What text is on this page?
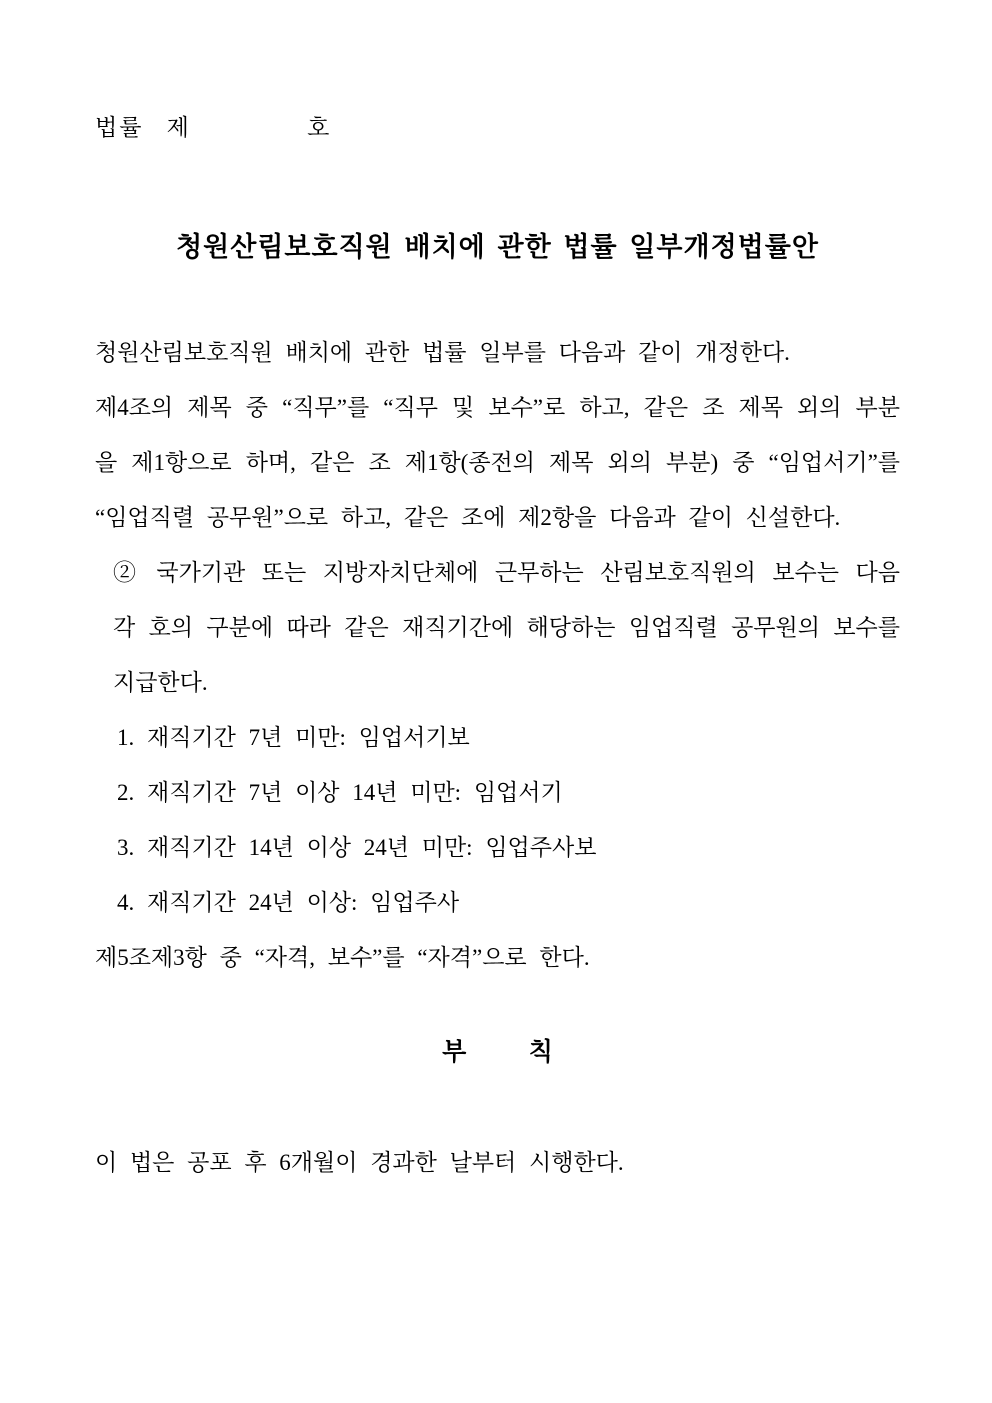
법률   제               호
청원산림보호직원 배치에 관한 법률 일부개정법률안

청원산림보호직원 배치에 관한 법률 일부를 다음과 같이 개정한다.

제4조의 제목 중 “직무”를 “직무 및 보수”로 하고, 같은 조 제목 외의 부분을 제1항으로 하며, 같은 조 제1항(종전의 제목 외의 부분) 중 “임업서기”를 “임업직렬 공무원”으로 하고, 같은 조에 제2항을 다음과 같이 신설한다.

② 국가기관 또는 지방자치단체에 근무하는 산림보호직원의 보수는 다음 각 호의 구분에 따라 같은 재직기간에 해당하는 임업직렬 공무원의 보수를 지급한다.

1. 재직기간 7년 미만: 임업서기보

2. 재직기간 7년 이상 14년 미만: 임업서기

3. 재직기간 14년 이상 24년 미만: 임업주사보

4. 재직기간 24년 이상: 임업주사

제5조제3항 중 “자격, 보수”를 “자격”으로 한다.

부          칙
이 법은 공포 후 6개월이 경과한 날부터 시행한다.
